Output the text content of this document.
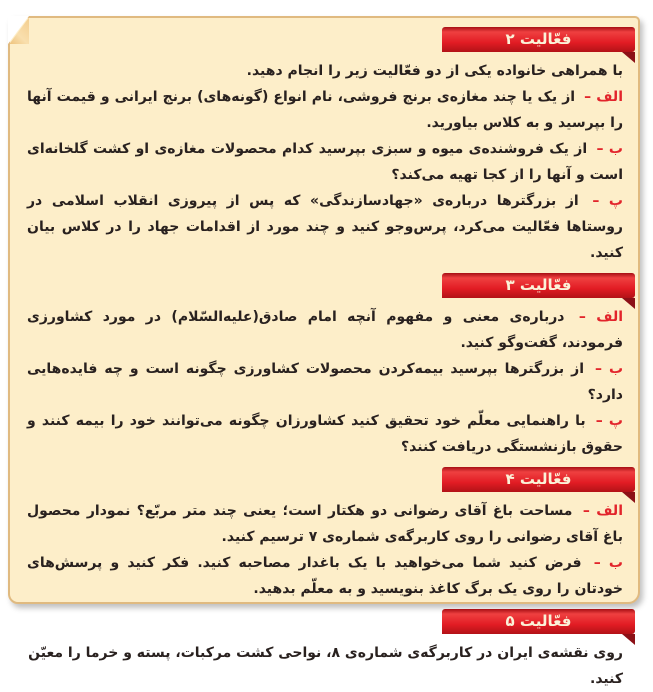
فعّالیت ۲

با همراهی خانواده یکی از دو فعّالیت زیر را انجام دهید.

الف – از یک یا چند مغازه‌ی برنج فروشی، نام انواع (گونه‌های) برنج ایرانی و قیمت آنها را بپرسید و به کلاس بیاورید.

ب – از یک فروشنده‌ی میوه و سبزی بپرسید کدام محصولات مغازه‌ی او کشت گلخانه‌ای است و آنها را از کجا تهیه می‌کند؟

پ – از بزرگترها درباره‌ی «جهادسازندگی» که پس از پیروزی انقلاب اسلامی در روستاها فعّالیت می‌کرد، پرس‌وجو کنید و چند مورد از اقدامات جهاد را در کلاس بیان کنید.

فعّالیت ۳

الف – درباره‌ی معنی و مفهوم آنچه امام صادق(علیه‌السّلام) در مورد کشاورزی فرمودند، گفت‌وگو کنید.

ب – از بزرگترها بپرسید بیمه‌کردن محصولات کشاورزی چگونه است و چه فایده‌هایی دارد؟

پ – با راهنمایی معلّم خود تحقیق کنید کشاورزان چگونه می‌توانند خود را بیمه کنند و حقوق بازنشستگی دریافت کنند؟

فعّالیت ۴

الف – مساحت باغ آقای رضوانی دو هکتار است؛ یعنی چند متر مربّع؟ نمودار محصول باغ آقای رضوانی را روی کاربرگه‌ی شماره‌ی ۷ ترسیم کنید.

ب – فرض کنید شما می‌خواهید با یک باغدار مصاحبه کنید. فکر کنید و پرسش‌های خودتان را روی یک برگ کاغذ بنویسید و به معلّم بدهید.

فعّالیت ۵

روی نقشه‌ی ایران در کاربرگه‌ی شماره‌ی ۸، نواحی کشت مرکبات، پسته و خرما را معیّن کنید.
